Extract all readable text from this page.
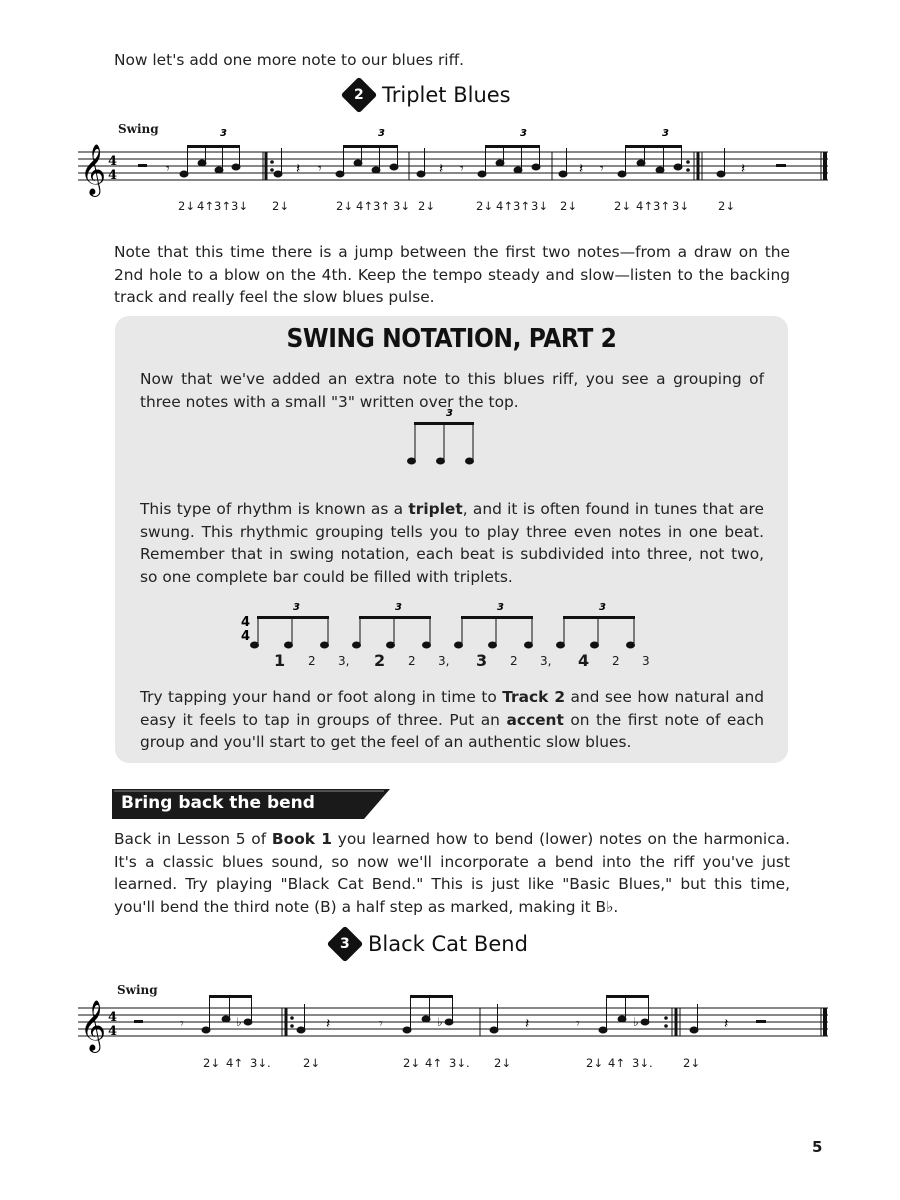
Now let's add one more note to our blues riff.
2 Triplet Blues
Swing
𝄞 4
4	𝄾
3	3	3	3
𝄽 𝄾	𝄽 𝄾	𝄽 𝄾	𝄽
2↓ 4↑ 3↑ 3↓ 2↓	2↓ 4↑ 3↑ 3↓ 2↓	2↓ 4↑ 3↑ 3↓ 2↓	2↓ 4↑ 3↑ 3↓	2↓
Note that this time there is a jump between the first two notes—from a draw on the 2nd hole to a blow on the 4th. Keep the tempo steady and slow—listen to the backing track and really feel the slow blues pulse.
SWING NOTATION, PART 2
Now that we've added an extra note to this blues riff, you see a grouping of three notes with a small "3" written over the top.
3
This type of rhythm is known as a triplet, and it is often found in tunes that are swung. This rhythmic grouping tells you to play three even notes in one beat. Remember that in swing notation, each beat is subdivided into three, not two, so one complete bar could be filled with triplets.
4
4
3	3	3	3
1 2 3, 2 2 3, 3 2 3, 4 2 3
Try tapping your hand or foot along in time to Track 2 and see how natural and easy it feels to tap in groups of three. Put an accent on the first note of each group and you'll start to get the feel of an authentic slow blues.
Bring back the bend
Back in Lesson 5 of Book 1 you learned how to bend (lower) notes on the harmonica. It's a classic blues sound, so now we'll incorporate a bend into the riff you've just learned. Try playing "Black Cat Bend." This is just like "Basic Blues," but this time, you'll bend the third note (B) a half step as marked, making it B♭.
3 Black Cat Bend
Swing
𝄞 4
4	𝄾	𝄽	𝄾	𝄽	𝄾	𝄽
♭	♭	♭
2↓ 4↑ 3↓.	2↓	2↓ 4↑ 3↓. 2↓	2↓ 4↑ 3↓.	2↓
5
